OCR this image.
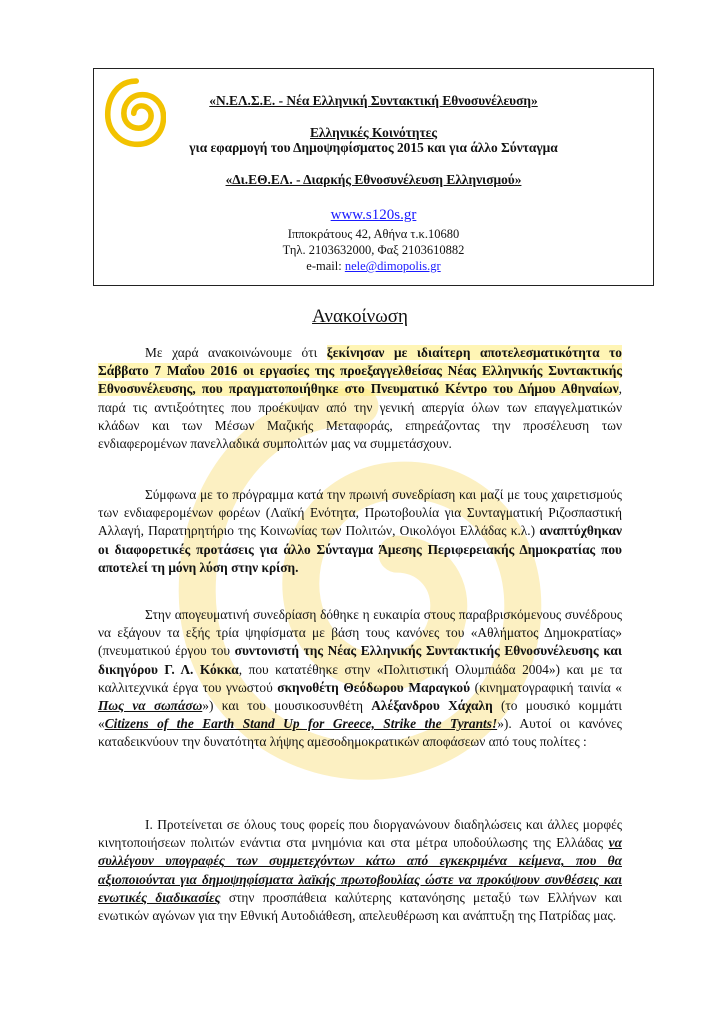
«Ν.ΕΛ.Σ.Ε. - Νέα Ελληνική Συντακτική Εθνοσυνέλευση»
Ελληνικές Κοινότητες
για εφαρμογή του Δημοψηφίσματος 2015 και για άλλο Σύνταγμα
«Δι.ΕΘ.ΕΛ. - Διαρκής Εθνοσυνέλευση Ελληνισμού»
www.s120s.gr
Ιπποκράτους 42, Αθήνα τ.κ.10680
Τηλ. 2103632000, Φαξ 2103610882
e-mail: nele@dimopolis.gr
Ανακοίνωση

Με χαρά ανακοινώνουμε ότι ξεκίνησαν με ιδιαίτερη αποτελεσματικότητα το Σάββατο 7 Μαΐου 2016 οι εργασίες της προεξαγγελθείσας Νέας Ελληνικής Συντακτικής Εθνοσυνέλευσης, που πραγματοποιήθηκε στο Πνευματικό Κέντρο του Δήμου Αθηναίων, παρά τις αντιξοότητες που προέκυψαν από την γενική απεργία όλων των επαγγελματικών κλάδων και των Μέσων Μαζικής Μεταφοράς, επηρεάζοντας την προσέλευση των ενδιαφερομένων πανελλαδικά συμπολιτών μας να συμμετάσχουν.

Σύμφωνα με το πρόγραμμα κατά την πρωινή συνεδρίαση και μαζί με τους χαιρετισμούς των ενδιαφερομένων φορέων (Λαϊκή Ενότητα, Πρωτοβουλία για Συνταγματική Ριζοσπαστική Αλλαγή, Παρατηρητήριο της Κοινωνίας των Πολιτών, Οικολόγοι Ελλάδας κ.λ.) αναπτύχθηκαν οι διαφορετικές προτάσεις για άλλο Σύνταγμα Άμεσης Περιφερειακής Δημοκρατίας που αποτελεί τη μόνη λύση στην κρίση.

Στην απογευματινή συνεδρίαση δόθηκε η ευκαιρία στους παραβρισκόμενους συνέδρους να εξάγουν τα εξής τρία ψηφίσματα με βάση τους κανόνες του «Αθλήματος Δημοκρατίας» (πνευματικού έργου του συντονιστή της Νέας Ελληνικής Συντακτικής Εθνοσυνέλευσης και δικηγόρου Γ. Λ. Κόκκα, που κατατέθηκε στην «Πολιτιστική Ολυμπιάδα 2004») και με τα καλλιτεχνικά έργα του γνωστού σκηνοθέτη Θεόδωρου Μαραγκού (κινηματογραφική ταινία « Πως να σωπάσω») και του μουσικοσυνθέτη Αλέξανδρου Χάχαλη (το μουσικό κομμάτι «Citizens of the Earth Stand Up for Greece, Strike the Tyrants!»). Αυτοί οι κανόνες καταδεικνύουν την δυνατότητα λήψης αμεσοδημοκρατικών αποφάσεων από τους πολίτες :

Ι. Προτείνεται σε όλους τους φορείς που διοργανώνουν διαδηλώσεις και άλλες μορφές κινητοποιήσεων πολιτών ενάντια στα μνημόνια και στα μέτρα υποδούλωσης της Ελλάδας να συλλέγουν υπογραφές των συμμετεχόντων κάτω από εγκεκριμένα κείμενα, που θα αξιοποιούνται για δημοψηφίσματα λαϊκής πρωτοβουλίας ώστε να προκύψουν συνθέσεις και ενωτικές διαδικασίες στην προσπάθεια καλύτερης κατανόησης μεταξύ των Ελλήνων και ενωτικών αγώνων για την Εθνική Αυτοδιάθεση, απελευθέρωση και ανάπτυξη της Πατρίδας μας.
